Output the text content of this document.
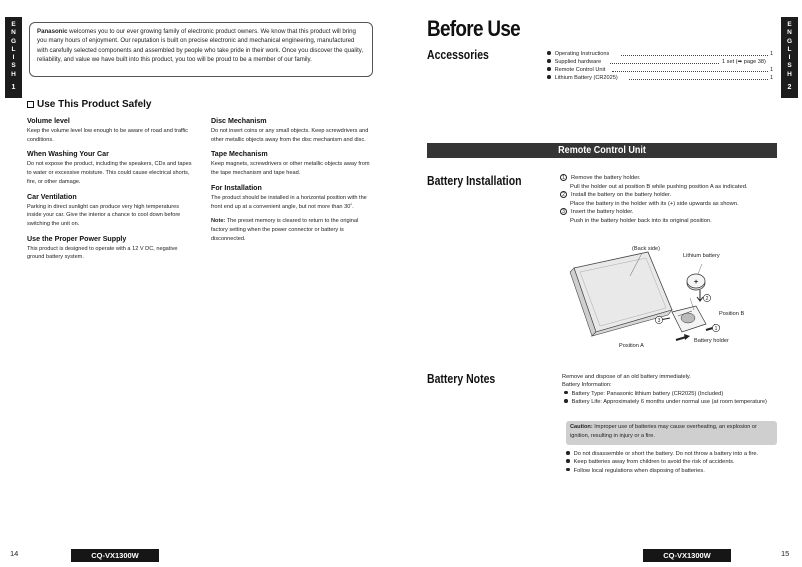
E
N
G
L
I
S
H
1
E
N
G
L
I
S
H
2
Panasonic welcomes you to our ever growing family of electronic product owners. We know that this product will bring you many hours of enjoyment. Our reputation is built on precise electronic and mechanical engineering, manufactured with carefully selected components and assembled by people who take pride in their work. Once you discover the quality, reliability, and value we have built into this product, you too will be proud to be a member of our family.
Use This Product Safely
Volume level
Keep the volume level low enough to be aware of road and traffic conditions.
When Washing Your Car
Do not expose the product, including the speakers, CDs and tapes to water or excessive moisture. This could cause electrical shorts, fire, or other damage.
Car Ventilation
Parking in direct sunlight can produce very high temperatures inside your car. Give the interior a chance to cool down before switching the unit on.
Use the Proper Power Supply
This product is designed to operate with a 12 V DC, negative ground battery system.
Disc Mechanism
Do not insert coins or any small objects. Keep screwdrivers and other metallic objects away from the disc mechanism and disc.
Tape Mechanism
Keep magnets, screwdrivers or other metallic objects away from the tape mechanism and tape head.
For Installation
The product should be installed in a horizontal position with the front end up at a convenient angle, but not more than 30˚.
Note: The preset memory is cleared to return to the original factory setting when the power connector or battery is disconnected.
Before Use
Accessories	Operating Instructions	1
Supplied hardware	1 set (➡ page 38)
Remote Control Unit	1
Lithium Battery (CR2025)	1
Remote Control Unit
Battery Installation	1 Remove the battery holder.
Pull the holder out at position B while pushing position A as indicated.
2 Install the battery on the battery holder.
Place the battery in the holder with its (+) side upwards as shown.
3 Insert the battery holder.
Push in the battery holder back into its original position.
+
2
1
3
(Back side)
Lithium battery
Position B
Battery holder
Position A
Battery Notes	Remove and dispose of an old battery immediately.
Battery Information:
Battery Type: Panasonic lithium battery (CR2025) (Included)
Battery Life: Approximately 6 months under normal use (at room temperature)
Caution: Improper use of batteries may cause overheating, an explosion or ignition, resulting in injury or a fire.
Do not disassemble or short the battery. Do not throw a battery into a fire.
Keep batteries away from children to avoid the risk of accidents.
Follow local regulations when disposing of batteries.
14	CQ-VX1300W	CQ-VX1300W	15
